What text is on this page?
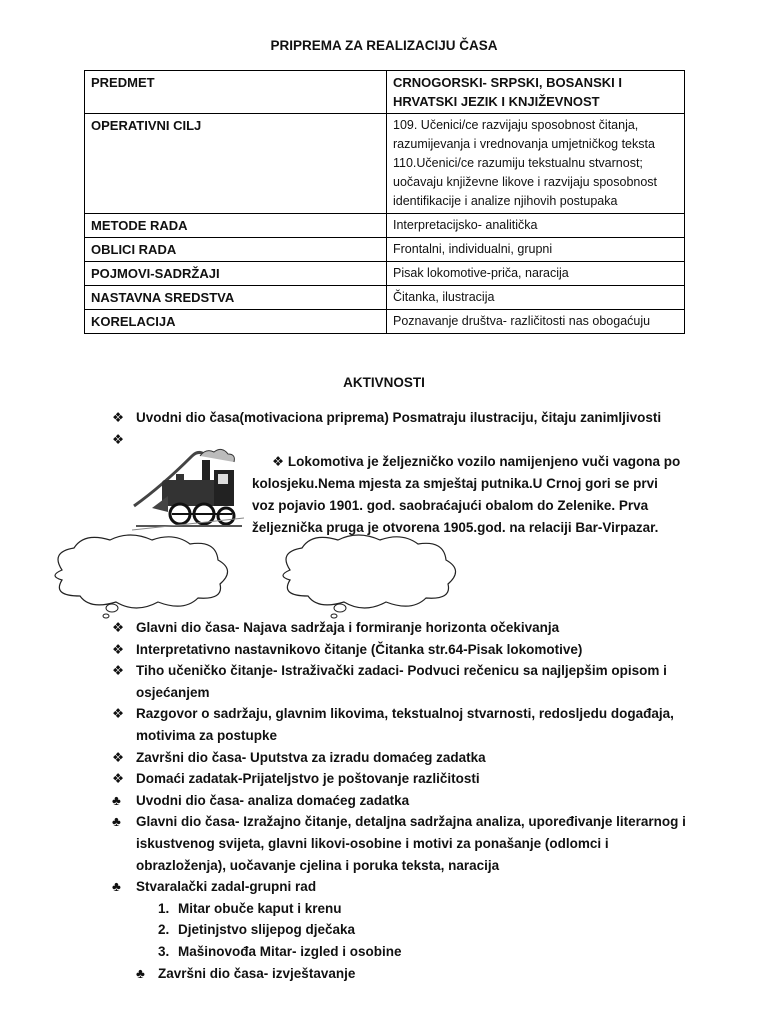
PRIPREMA ZA REALIZACIJU ČASA
PREDMET	CRNOGORSKI- SRPSKI, BOSANSKI I HRVATSKI JEZIK I KNJIŽEVNOST
OPERATIVNI CILJ	109. Učenici/ce razvijaju sposobnost čitanja, razumijevanja i vrednovanja umjetničkog teksta
110.Učenici/ce razumiju tekstualnu stvarnost; uočavaju književne likove i razvijaju sposobnost identifikacije i analize njihovih postupaka

METODE RADA	Interpretacijsko- analitička
OBLICI RADA	Frontalni, individualni, grupni
POJMOVI-SADRŽAJI	Pisak lokomotive-priča, naracija
NASTAVNA SREDSTVA	Čitanka, ilustracija
KORELACIJA	Poznavanje društva- različitosti nas obogaćuju
AKTIVNOSTI
❖ Uvodni dio časa(motivaciona priprema) Posmatraju ilustraciju, čitaju zanimljivosti
❖
❖ Lokomotiva je željezničko vozilo namijenjeno vuči vagona po kolosjeku.Nema mjesta za smještaj putnika.U Crnoj gori se prvi voz pojavio 1901. god. saobraćajući obalom do Zelenike. Prva željeznička pruga je otvorena 1905.god. na relaciji Bar-Virpazar.
❖ Glavni dio časa- Najava sadržaja i formiranje horizonta očekivanja
❖ Interpretativno nastavnikovo čitanje (Čitanka str.64-Pisak lokomotive)
❖ Tiho učeničko čitanje- Istraživački zadaci- Podvuci rečenicu sa najljepšim opisom i osjećanjem
❖ Razgovor o sadržaju, glavnim likovima, tekstualnoj stvarnosti, redosljedu događaja, motivima za postupke
❖ Završni dio časa- Uputstva za izradu domaćeg zadatka
❖ Domaći zadatak-Prijateljstvo je poštovanje različitosti
♣	Uvodni dio časa- analiza domaćeg zadatka
♣	Glavni dio časa- Izražajno čitanje, detaljna sadržajna analiza, upoređivanje literarnog i iskustvenog svijeta, glavni likovi-osobine i motivi za ponašanje (odlomci i obrazloženja), uočavanje cjelina i poruka teksta, naracija
♣	Stvaralački zadal-grupni rad
1. Mitar obuče kaput i krenu
2. Djetinjstvo slijepog dječaka
3. Mašinovođa Mitar- izgled i osobine
♣ Završni dio časa- izvještavanje
